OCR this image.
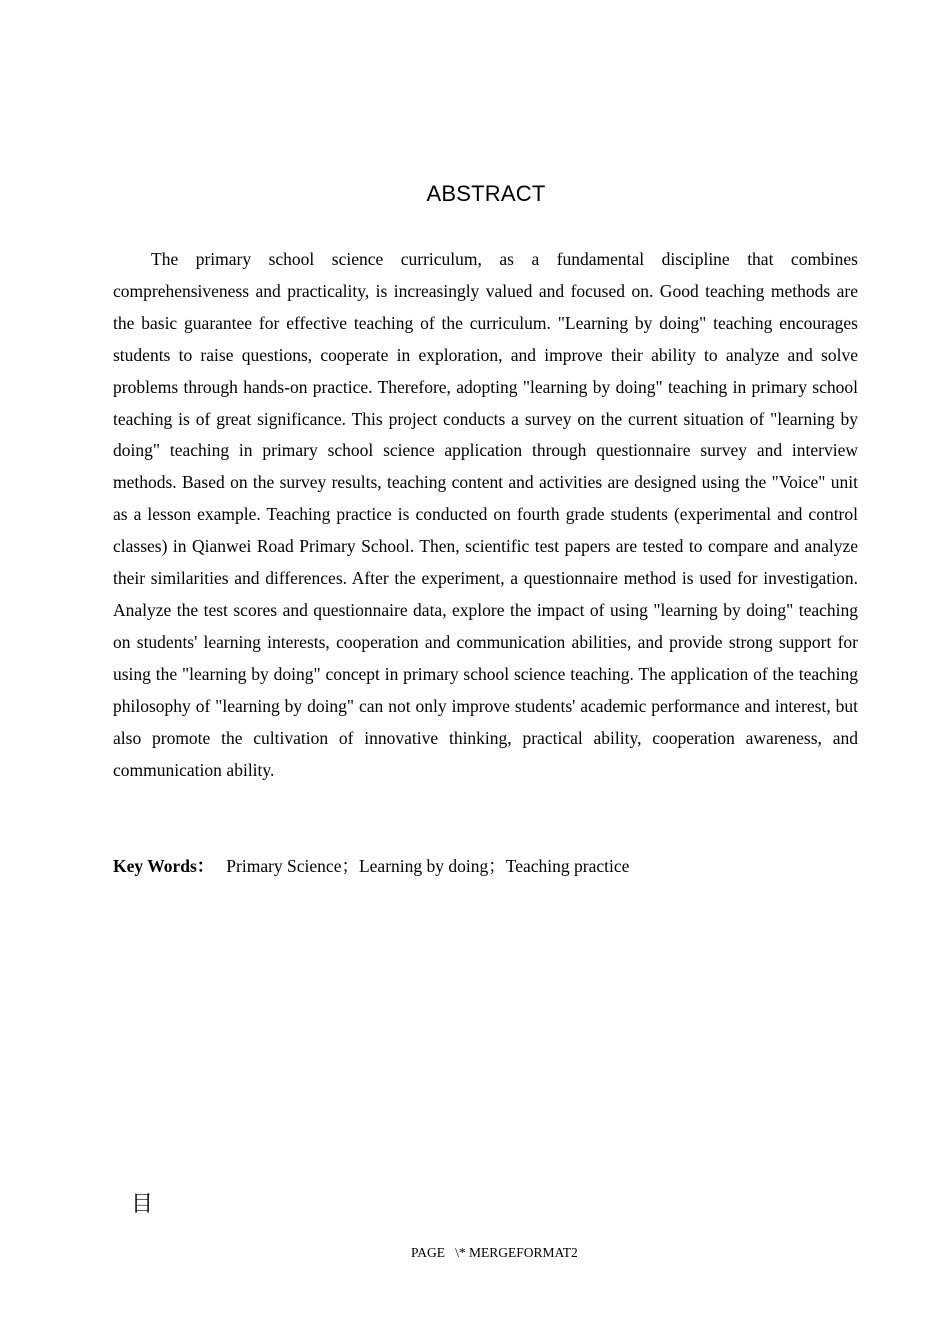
ABSTRACT

The primary school science curriculum, as a fundamental discipline that combines comprehensiveness and practicality, is increasingly valued and focused on. Good teaching methods are the basic guarantee for effective teaching of the curriculum. "Learning by doing" teaching encourages students to raise questions, cooperate in exploration, and improve their ability to analyze and solve problems through hands-on practice. Therefore, adopting "learning by doing" teaching in primary school teaching is of great significance. This project conducts a survey on the current situation of "learning by doing" teaching in primary school science application through questionnaire survey and interview methods. Based on the survey results, teaching content and activities are designed using the "Voice" unit as a lesson example. Teaching practice is conducted on fourth grade students (experimental and control classes) in Qianwei Road Primary School. Then, scientific test papers are tested to compare and analyze their similarities and differences. After the experiment, a questionnaire method is used for investigation. Analyze the test scores and questionnaire data, explore the impact of using "learning by doing" teaching on students' learning interests, cooperation and communication abilities, and provide strong support for using the "learning by doing" concept in primary school science teaching. The application of the teaching philosophy of "learning by doing" can not only improve students' academic performance and interest, but also promote the cultivation of innovative thinking, practical ability, cooperation awareness, and communication ability.

Key Words： Primary Science；Learning by doing；Teaching practice

目

PAGE   \* MERGEFORMAT2
